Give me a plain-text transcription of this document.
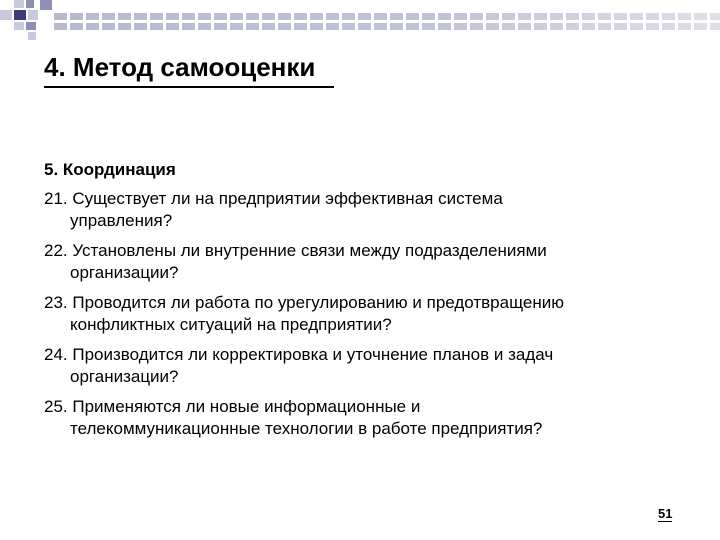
4. Метод самооценки

5. Координация

21. Существует ли на предприятии эффективная система
управления?

22. Установлены ли внутренние связи между подразделениями
организации?

23. Проводится ли работа по урегулированию и предотвращению
конфликтных ситуаций на предприятии?

24. Производится ли корректировка и уточнение планов и задач
организации?

25. Применяются ли новые информационные и
телекоммуникационные технологии в работе предприятия?

51
